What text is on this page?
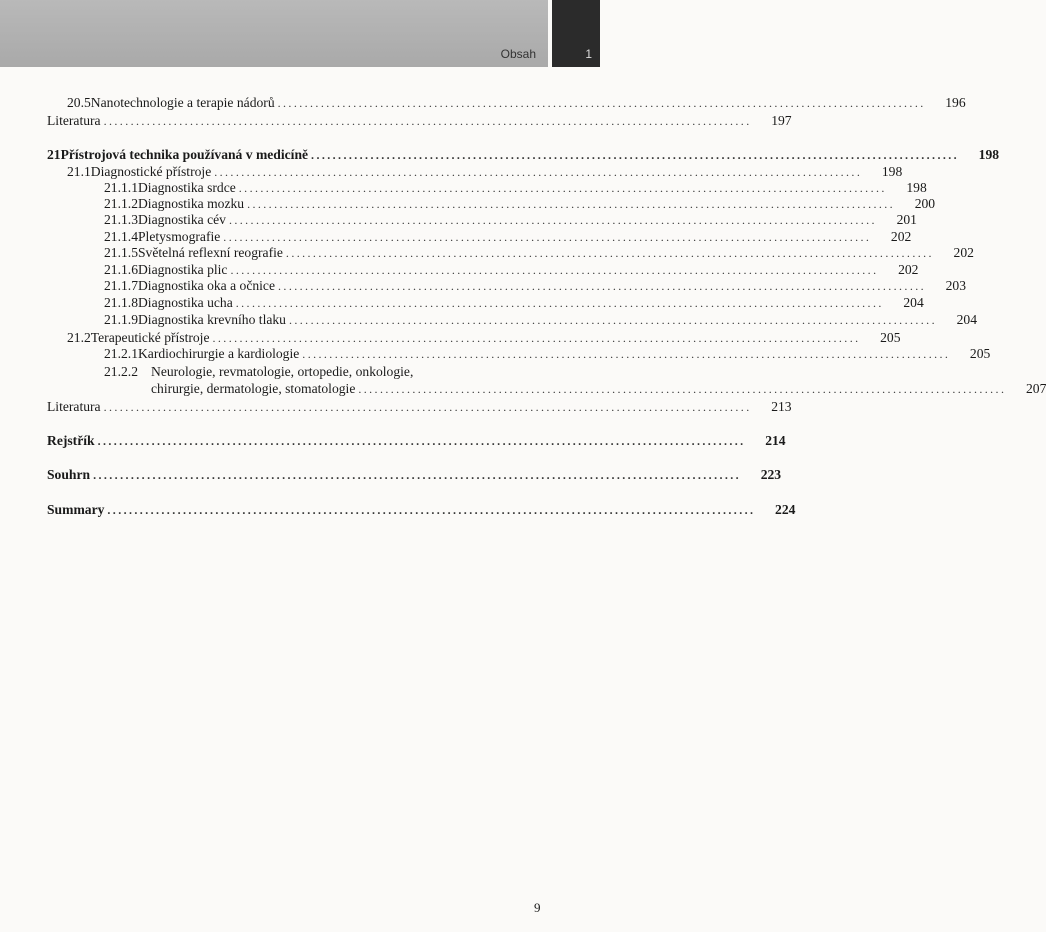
Obsah	1
20.5 Nanotechnologie a terapie nádorů ........................................................................................................................	196
Literatura ........................................................................................................................	197
21 Přístrojová technika používaná v medicíně ........................................................................................................................	198
21.1 Diagnostické přístroje ........................................................................................................................	198
21.1.1 Diagnostika srdce ........................................................................................................................	198
21.1.2 Diagnostika mozku ........................................................................................................................	200
21.1.3 Diagnostika cév ........................................................................................................................	201
21.1.4 Pletysmografie ........................................................................................................................	202
21.1.5 Světelná reflexní reografie ........................................................................................................................	202
21.1.6 Diagnostika plic ........................................................................................................................	202
21.1.7 Diagnostika oka a očnice ........................................................................................................................	203
21.1.8 Diagnostika ucha ........................................................................................................................	204
21.1.9 Diagnostika krevního tlaku ........................................................................................................................	204
21.2 Terapeutické přístroje ........................................................................................................................	205
21.2.1 Kardiochirurgie a kardiologie ........................................................................................................................	205
21.2.2 Neurologie, revmatologie, ortopedie, onkologie,
chirurgie, dermatologie, stomatologie ........................................................................................................................	207
Literatura ........................................................................................................................	213
Rejstřík ........................................................................................................................	214
Souhrn ........................................................................................................................	223
Summary ........................................................................................................................	224
9
